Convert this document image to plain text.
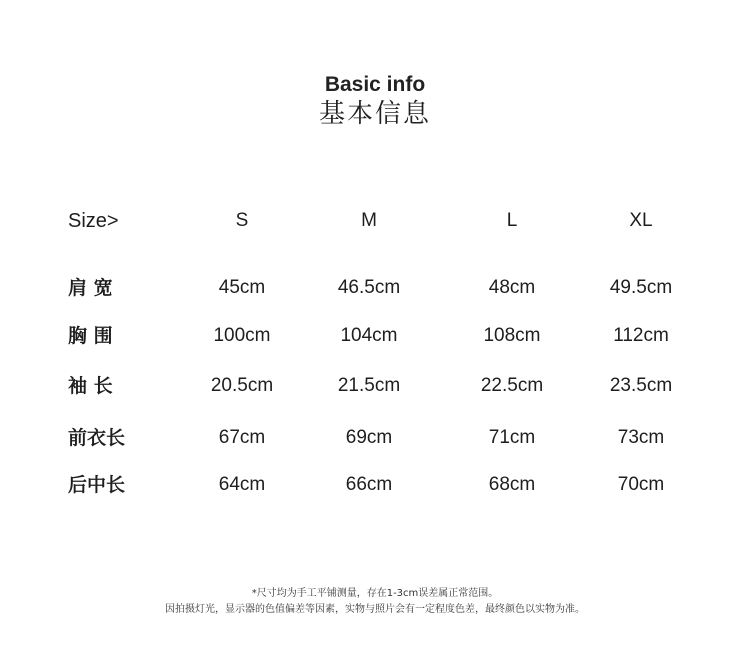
Basic info
基本信息
Size>	S	M	L	XL
肩 宽	45cm	46.5cm	48cm	49.5cm
胸 围	100cm	104cm	108cm	112cm
袖 长	20.5cm	21.5cm	22.5cm	23.5cm
前衣长	67cm	69cm	71cm	73cm
后中长	64cm	66cm	68cm	70cm
*尺寸均为手工平铺测量，存在1-3cm误差属正常范围。
因拍摄灯光，显示器的色值偏差等因素，实物与照片会有一定程度色差，最终颜色以实物为准。
